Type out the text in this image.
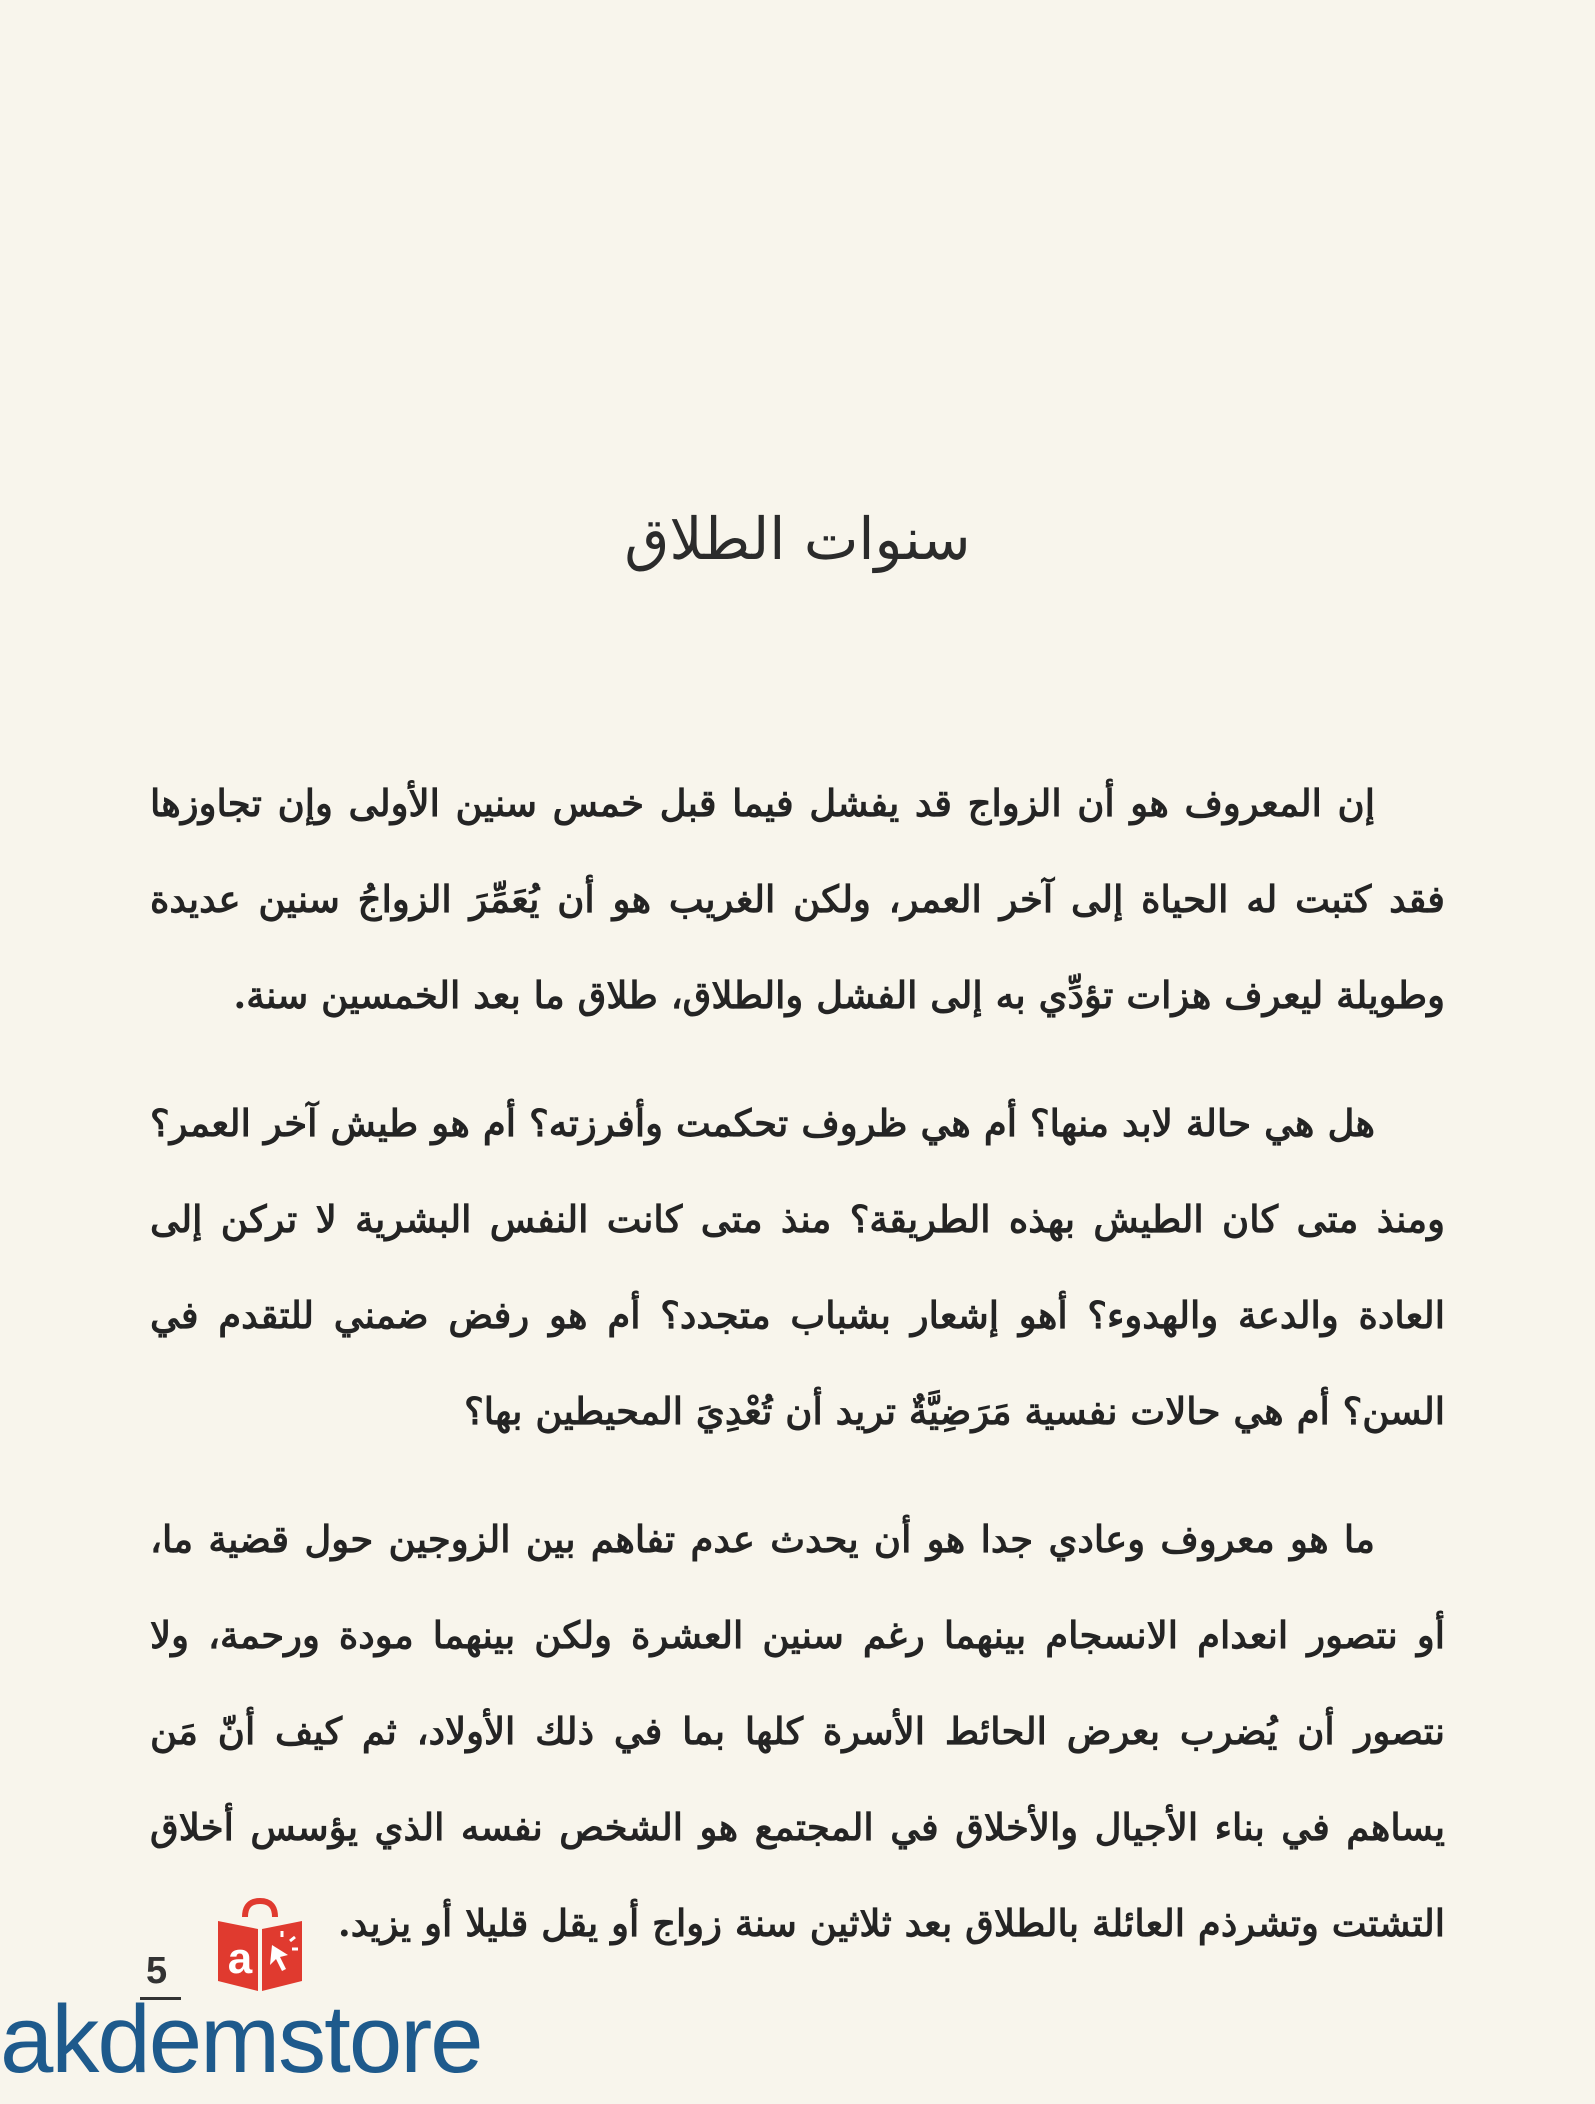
سنوات الطلاق

إن المعروف هو أن الزواج قد يفشل فيما قبل خمس سنين الأولى وإن تجاوزها فقد كتبت له الحياة إلى آخر العمر، ولكن الغريب هو أن يُعَمِّرَ الزواجُ سنين عديدة وطويلة ليعرف هزات تؤدِّي به إلى الفشل والطلاق، طلاق ما بعد الخمسين سنة.

هل هي حالة لابد منها؟ أم هي ظروف تحكمت وأفرزته؟ أم هو طيش آخر العمر؟ ومنذ متى كان الطيش بهذه الطريقة؟ منذ متى كانت النفس البشرية لا تركن إلى العادة والدعة والهدوء؟ أهو إشعار بشباب متجدد؟ أم هو رفض ضمني للتقدم في السن؟ أم هي حالات نفسية مَرَضِيَّةٌ تريد أن تُعْدِيَ المحيطين بها؟

ما هو معروف وعادي جدا هو أن يحدث عدم تفاهم بين الزوجين حول قضية ما، أو نتصور انعدام الانسجام بينهما رغم سنين العشرة ولكن بينهما مودة ورحمة، ولا نتصور أن يُضرب بعرض الحائط الأسرة كلها بما في ذلك الأولاد، ثم كيف أنّ مَن يساهم في بناء الأجيال والأخلاق في المجتمع هو الشخص نفسه الذي يؤسس أخلاق التشتت وتشرذم العائلة بالطلاق بعد ثلاثين سنة زواج أو يقل قليلا أو يزيد.

5	a
akdemstore
